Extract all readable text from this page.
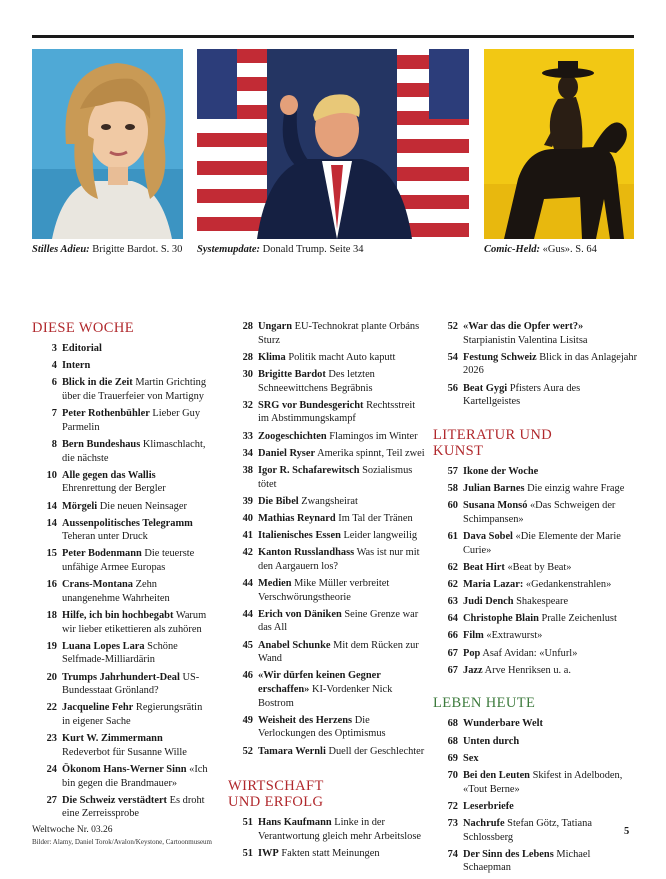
Stilles Adieu: Brigitte Bardot. S. 30 Systemupdate: Donald Trump. Seite 34	Comic-Held: «Gus». S. 64
DIESE WOCHE
3 Editorial
4 Intern
6 Blick in die Zeit Martin Grichting über die Trauerfeier von Martigny
7 Peter Rothenbühler Lieber Guy Parmelin
8 Bern Bundeshaus Klimaschlacht, die nächste
10 Alle gegen das Wallis Ehrenrettung der Bergler
14 Mörgeli Die neuen Neinsager
14 Aussenpolitisches Telegramm Teheran unter Druck
15 Peter Bodenmann Die teuerste unfähige Armee Europas
16 Crans-Montana Zehn unangenehme Wahrheiten
18 Hilfe, ich bin hochbegabt Warum wir lieber etikettieren als zuhören
19 Luana Lopes Lara Schöne Selfmade-Milliardärin
20 Trumps Jahrhundert-Deal US-Bundesstaat Grönland?
22 Jacqueline Fehr Regierungsrätin in eigener Sache
23 Kurt W. Zimmermann Redeverbot für Susanne Wille
24 Ökonom Hans-Werner Sinn «Ich bin gegen die Brandmauer»
27 Die Schweiz verstädtert Es droht eine Zerreissprobe
28 Ungarn EU-Technokrat plante Orbáns Sturz
28 Klima Politik macht Auto kaputt
30 Brigitte Bardot Des letzten Schneewittchens Begräbnis
32 SRG vor Bundesgericht Rechtsstreit im Abstimmungskampf
33 Zoogeschichten Flamingos im Winter
34 Daniel Ryser Amerika spinnt, Teil zwei
38 Igor R. Schafarewitsch Sozialismus tötet
39 Die Bibel Zwangsheirat
40 Mathias Reynard Im Tal der Tränen
41 Italienisches Essen Leider langweilig
42 Kanton Russlandhass Was ist nur mit den Aargauern los?
44 Medien Mike Müller verbreitet Verschwörungstheorie
44 Erich von Däniken Seine Grenze war das All
45 Anabel Schunke Mit dem Rücken zur Wand
46 «Wir dürfen keinen Gegner erschaffen» KI-Vordenker Nick Bostrom
49 Weisheit des Herzens Die Verlockungen des Optimismus
52 Tamara Wernli Duell der Geschlechter
WIRTSCHAFT UND ERFOLG
51 Hans Kaufmann Linke in der Verantwortung gleich mehr Arbeitslose
51 IWP Fakten statt Meinungen
52 «War das die Opfer wert?» Starpianistin Valentina Lisitsa
54 Festung Schweiz Blick in das Anlagejahr 2026
56 Beat Gygi Pfisters Aura des Kartellgeistes
LITERATUR UND KUNST
57 Ikone der Woche
58 Julian Barnes Die einzig wahre Frage
60 Susana Monsó «Das Schweigen der Schimpansen»
61 Dava Sobel «Die Elemente der Marie Curie»
62 Beat Hirt «Beat by Beat»
62 Maria Lazar: «Gedankenstrahlen»
63 Judi Dench Shakespeare
64 Christophe Blain Pralle Zeichenlust
66 Film «Extrawurst»
67 Pop Asaf Avidan: «Unfurl»
67 Jazz Arve Henriksen u. a.
LEBEN HEUTE
68 Wunderbare Welt
68 Unten durch
69 Sex
70 Bei den Leuten Skifest in Adelboden, «Tout Berne»
72 Leserbriefe
73 Nachrufe Stefan Götz, Tatiana Schlossberg
74 Der Sinn des Lebens Michael Schaepman
Weltwoche Nr. 03.26
Bilder: Alamy, Daniel Torok/Avalon/Keystone, Cartoonmuseum
5
